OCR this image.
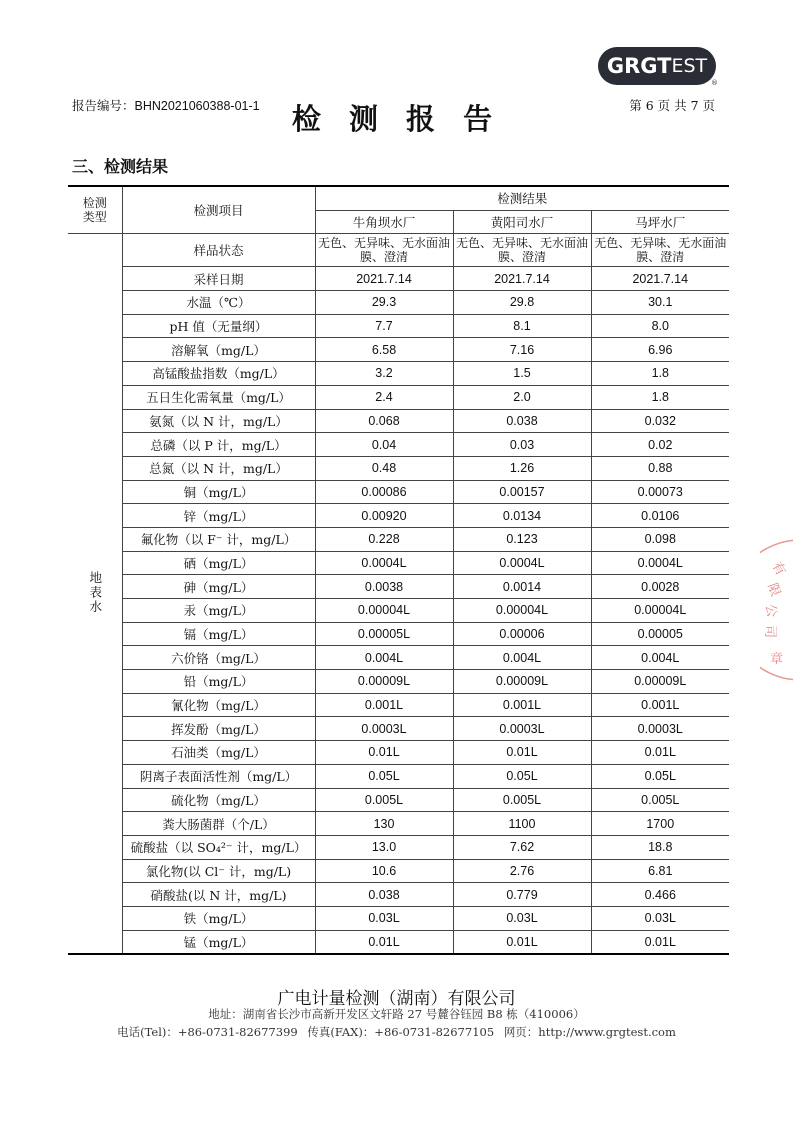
GRGT EST
®
报告编号：BHN2021060388-01-1	检 测 报 告	第 6 页 共 7 页
三、检测结果
检测类型	检测项目	检测结果		
		牛角坝水厂	黄阳司水厂	马坪水厂
地表水	样品状态	无色、无异味、无水面油膜、澄清	无色、无异味、无水面油膜、澄清	无色、无异味、无水面油膜、澄清
	采样日期	2021.7.14	2021.7.14	2021.7.14
	水温（℃）	29.3	29.8	30.1
	pH 值（无量纲）	7.7	8.1	8.0
	溶解氧（mg/L）	6.58	7.16	6.96
	高锰酸盐指数（mg/L）	3.2	1.5	1.8
	五日生化需氧量（mg/L）	2.4	2.0	1.8
	氨氮（以 N 计，mg/L）	0.068	0.038	0.032
	总磷（以 P 计，mg/L）	0.04	0.03	0.02
	总氮（以 N 计，mg/L）	0.48	1.26	0.88
	铜（mg/L）	0.00086	0.00157	0.00073
	锌（mg/L）	0.00920	0.0134	0.0106
	氟化物（以 F⁻ 计，mg/L）	0.228	0.123	0.098
	硒（mg/L）	0.0004L	0.0004L	0.0004L
	砷（mg/L）	0.0038	0.0014	0.0028
	汞（mg/L）	0.00004L	0.00004L	0.00004L
	镉（mg/L）	0.00005L	0.00006	0.00005
	六价铬（mg/L）	0.004L	0.004L	0.004L
	铅（mg/L）	0.00009L	0.00009L	0.00009L
	氰化物（mg/L）	0.001L	0.001L	0.001L
	挥发酚（mg/L）	0.0003L	0.0003L	0.0003L
	石油类（mg/L）	0.01L	0.01L	0.01L
	阴离子表面活性剂（mg/L）	0.05L	0.05L	0.05L
	硫化物（mg/L）	0.005L	0.005L	0.005L
	粪大肠菌群（个/L）	130	1100	1700
	硫酸盐（以 SO₄²⁻ 计，mg/L）	13.0	7.62	18.8
	氯化物(以 Cl⁻ 计，mg/L)	10.6	2.76	6.81
	硝酸盐(以 N 计，mg/L)	0.038	0.779	0.466
	铁（mg/L）	0.03L	0.03L	0.03L
	锰（mg/L）	0.01L	0.01L	0.01L
有
限
公
司
章
广电计量检测（湖南）有限公司
地址：湖南省长沙市高新开发区文轩路 27 号麓谷钰园 B8 栋（410006）
电话(Tel)：+86-0731-82677399 传真(FAX)：+86-0731-82677105 网页：http://www.grgtest.com
